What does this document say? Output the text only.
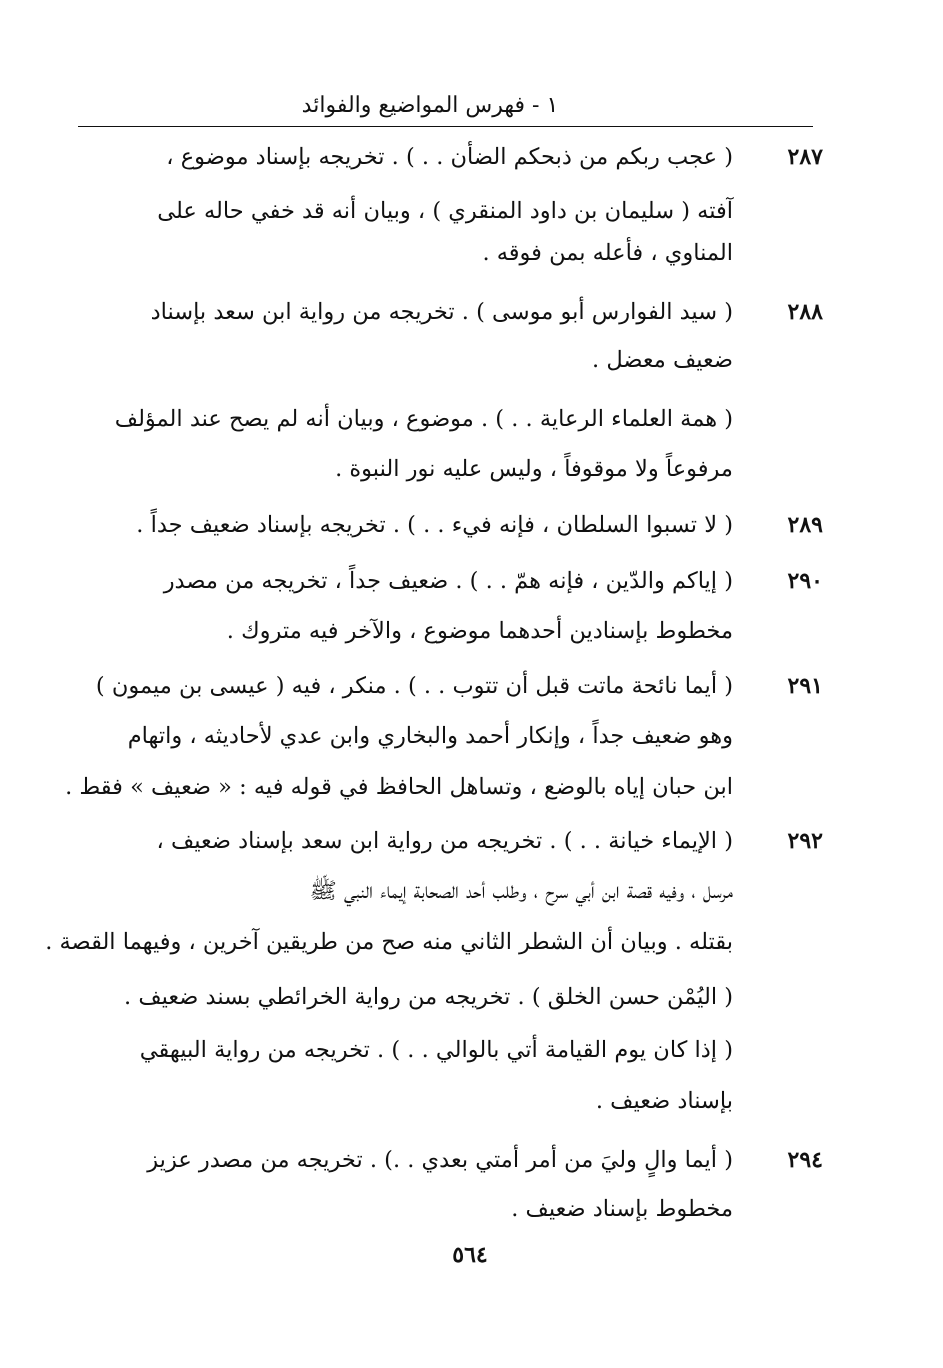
١ - فهرس المواضيع والفوائد
٢٨٧
( عجب ربكم من ذبحكم الضأن . . ) . تخريجه بإسناد موضوع ،
آفته ( سليمان بن داود المنقري ) ، وبيان أنه قد خفي حاله على
المناوي ، فأعله بمن فوقه .
٢٨٨
( سيد الفوارس أبو موسى ) . تخريجه من رواية ابن سعد بإسناد
ضعيف معضل .
( همة العلماء الرعاية . . ) . موضوع ، وبيان أنه لم يصح عند المؤلف
مرفوعاً ولا موقوفاً ، وليس عليه نور النبوة .
٢٨٩
( لا تسبوا السلطان ، فإنه فيء . . ) . تخريجه بإسناد ضعيف جداً .
٢٩٠
( إياكم والدّين ، فإنه همّ . . ) . ضعيف جداً ، تخريجه من مصدر
مخطوط بإسنادين أحدهما موضوع ، والآخر فيه متروك .
٢٩١
( أيما نائحة ماتت قبل أن تتوب . . ) . منكر ، فيه ( عيسى بن ميمون )
وهو ضعيف جداً ، وإنكار أحمد والبخاري وابن عدي لأحاديثه ، واتهام
ابن حبان إياه بالوضع ، وتساهل الحافظ في قوله فيه : « ضعيف » فقط .
٢٩٢
( الإيماء خيانة . . ) . تخريجه من رواية ابن سعد بإسناد ضعيف ،
مرسل ، وفيه قصة ابن أبي سرح ، وطلب أحد الصحابة إيماء النبي ﷺ
بقتله . وبيان أن الشطر الثاني منه صح من طريقين آخرين ، وفيهما القصة .
( اليُمْن حسن الخلق ) . تخريجه من رواية الخرائطي بسند ضعيف .
( إذا كان يوم القيامة أتي بالوالي . . ) . تخريجه من رواية البيهقي
بإسناد ضعيف .
٢٩٤
( أيما والٍ وليَ من أمر أمتي بعدي . .) . تخريجه من مصدر عزيز
مخطوط بإسناد ضعيف .
٥٦٤
